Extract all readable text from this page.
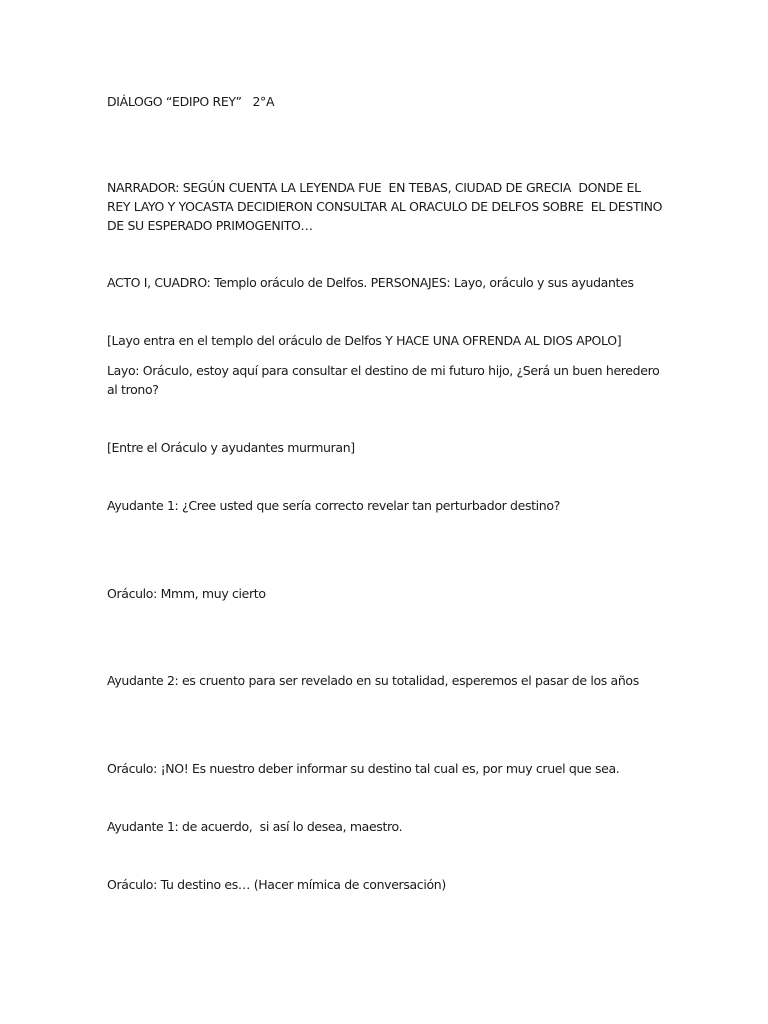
DIÁLOGO “EDIPO REY”   2°A

NARRADOR: SEGÚN CUENTA LA LEYENDA FUE  EN TEBAS, CIUDAD DE GRECIA  DONDE EL REY LAYO Y YOCASTA DECIDIERON CONSULTAR AL ORACULO DE DELFOS SOBRE  EL DESTINO DE SU ESPERADO PRIMOGENITO…

ACTO I, CUADRO: Templo oráculo de Delfos. PERSONAJES: Layo, oráculo y sus ayudantes

[Layo entra en el templo del oráculo de Delfos Y HACE UNA OFRENDA AL DIOS APOLO]

Layo: Oráculo, estoy aquí para consultar el destino de mi futuro hijo, ¿Será un buen heredero al trono?

[Entre el Oráculo y ayudantes murmuran]

Ayudante 1: ¿Cree usted que sería correcto revelar tan perturbador destino?

Oráculo: Mmm, muy cierto

Ayudante 2: es cruento para ser revelado en su totalidad, esperemos el pasar de los años

Oráculo: ¡NO! Es nuestro deber informar su destino tal cual es, por muy cruel que sea.

Ayudante 1: de acuerdo,  si así lo desea, maestro.

Oráculo: Tu destino es… (Hacer mímica de conversación)
